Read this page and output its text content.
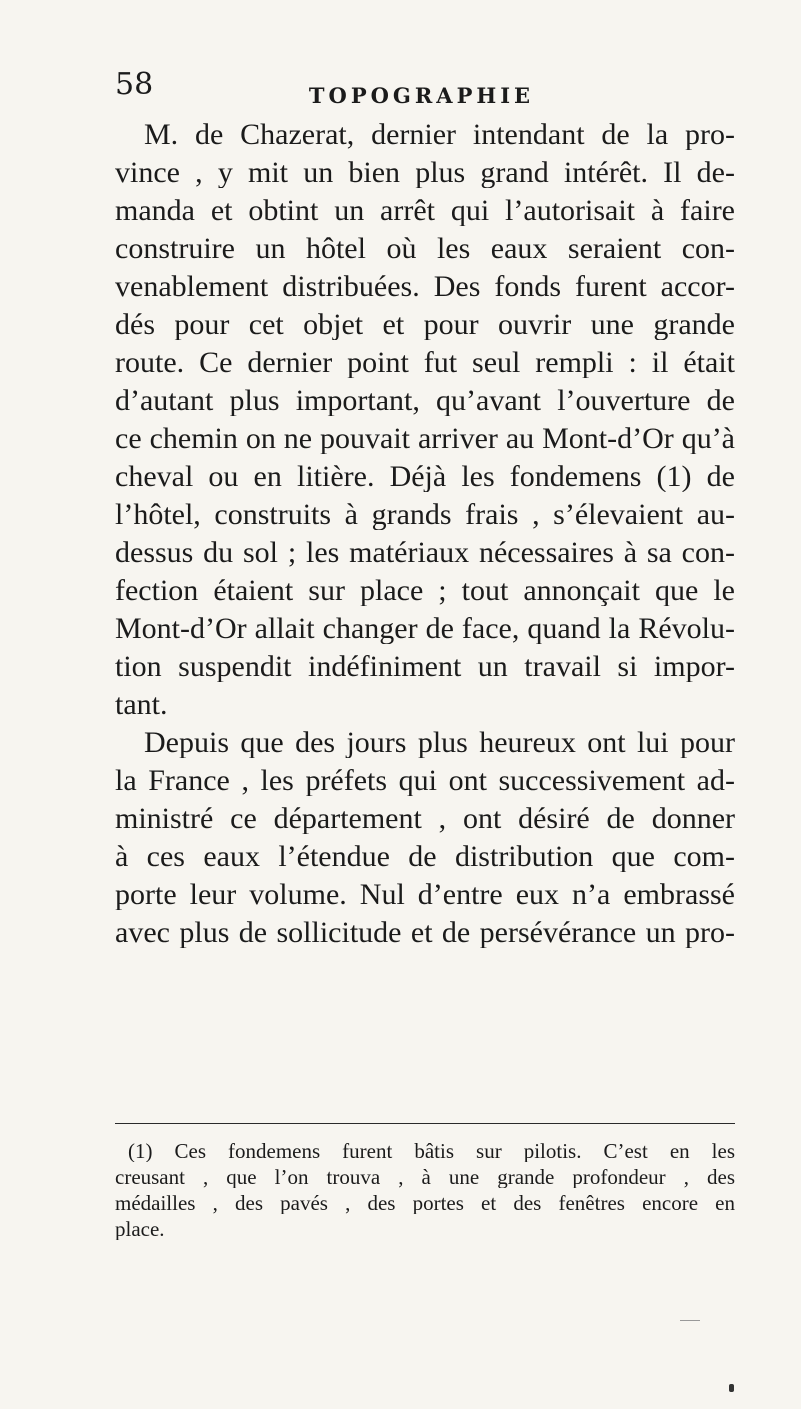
58	TOPOGRAPHIE
M. de Chazerat, dernier intendant de la pro-
vince , y mit un bien plus grand intérêt. Il de-
manda et obtint un arrêt qui l’autorisait à faire
construire un hôtel où les eaux seraient con-
venablement distribuées. Des fonds furent accor-
dés pour cet objet et pour ouvrir une grande
route. Ce dernier point fut seul rempli : il était
d’autant plus important, qu’avant l’ouverture de
ce chemin on ne pouvait arriver au Mont-d’Or qu’à
cheval ou en litière. Déjà les fondemens (1) de
l’hôtel, construits à grands frais , s’élevaient au-
dessus du sol ; les matériaux nécessaires à sa con-
fection étaient sur place ; tout annonçait que le
Mont-d’Or allait changer de face, quand la Révolu-
tion suspendit indéfiniment un travail si impor-
tant.
Depuis que des jours plus heureux ont lui pour
la France , les préfets qui ont successivement ad-
ministré ce département , ont désiré de donner
à ces eaux l’étendue de distribution que com-
porte leur volume. Nul d’entre eux n’a embrassé
avec plus de sollicitude et de persévérance un pro-
(1) Ces fondemens furent bâtis sur pilotis. C’est en les
creusant , que l’on trouva , à une grande profondeur , des
médailles , des pavés , des portes et des fenêtres encore en
place.
